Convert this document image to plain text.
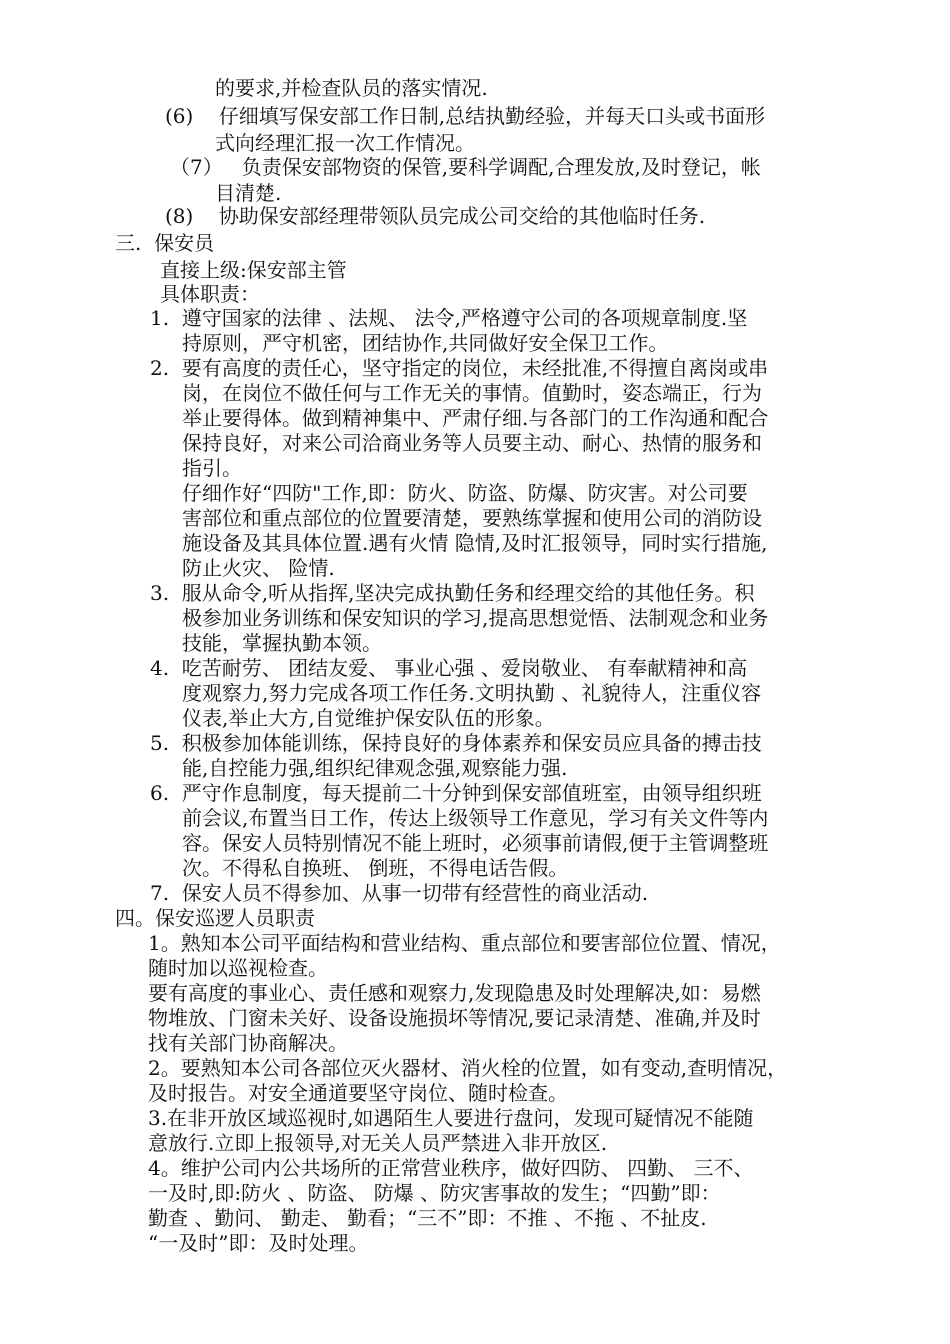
的要求,并检查队员的落实情况.
(6)    仔细填写保安部工作日制,总结执勤经验，并每天口头或书面形
式向经理汇报一次工作情况。
（7）   负责保安部物资的保管,要科学调配,合理发放,及时登记，帐
目清楚.
(8)    协助保安部经理带领队员完成公司交给的其他临时任务.
三.  保安员
直接上级:保安部主管
具体职责：
1.  遵守国家的法律 、法规、 法令,严格遵守公司的各项规章制度.坚
持原则，严守机密，团结协作,共同做好安全保卫工作。
2.  要有高度的责任心，坚守指定的岗位，未经批准,不得擅自离岗或串
岗，在岗位不做任何与工作无关的事情。值勤时，姿态端正，行为
举止要得体。做到精神集中、严肃仔细.与各部门的工作沟通和配合
保持良好，对来公司洽商业务等人员要主动、耐心、热情的服务和
指引。
仔细作好“四防"工作,即：防火、防盗、防爆、防灾害。对公司要
害部位和重点部位的位置要清楚，要熟练掌握和使用公司的消防设
施设备及其具体位置.遇有火情 隐情,及时汇报领导，同时实行措施,
防止火灾、 险情.
3.  服从命令,听从指挥,坚决完成执勤任务和经理交给的其他任务。积
极参加业务训练和保安知识的学习,提高思想觉悟、法制观念和业务
技能，掌握执勤本领。
4.  吃苦耐劳、 团结友爱、 事业心强 、爱岗敬业、 有奉献精神和高
度观察力,努力完成各项工作任务.文明执勤 、礼貌待人，注重仪容
仪表,举止大方,自觉维护保安队伍的形象。
5.  积极参加体能训练，保持良好的身体素养和保安员应具备的搏击技
能,自控能力强,组织纪律观念强,观察能力强.
6.  严守作息制度，每天提前二十分钟到保安部值班室，由领导组织班
前会议,布置当日工作，传达上级领导工作意见，学习有关文件等内
容。保安人员特别情况不能上班时，必须事前请假,便于主管调整班
次。不得私自换班、 倒班，不得电话告假。
7.  保安人员不得参加、从事一切带有经营性的商业活动.
四。保安巡逻人员职责
1。熟知本公司平面结构和营业结构、重点部位和要害部位位置、情况，
随时加以巡视检查。
要有高度的事业心、责任感和观察力,发现隐患及时处理解决,如：易燃
物堆放、门窗未关好、设备设施损坏等情况,要记录清楚、准确,并及时
找有关部门协商解决。
2。要熟知本公司各部位灭火器材、消火栓的位置，如有变动,查明情况，
及时报告。对安全通道要坚守岗位、随时检查。
3.在非开放区域巡视时,如遇陌生人要进行盘问，发现可疑情况不能随
意放行.立即上报领导,对无关人员严禁进入非开放区.
4。维护公司内公共场所的正常营业秩序，做好四防、 四勤、 三不、
一及时,即:防火 、防盗、 防爆 、防灾害事故的发生；“四勤”即：
勤查 、勤问、 勤走、 勤看；“三不”即：不推 、不拖 、不扯皮.
“一及时”即：及时处理。
